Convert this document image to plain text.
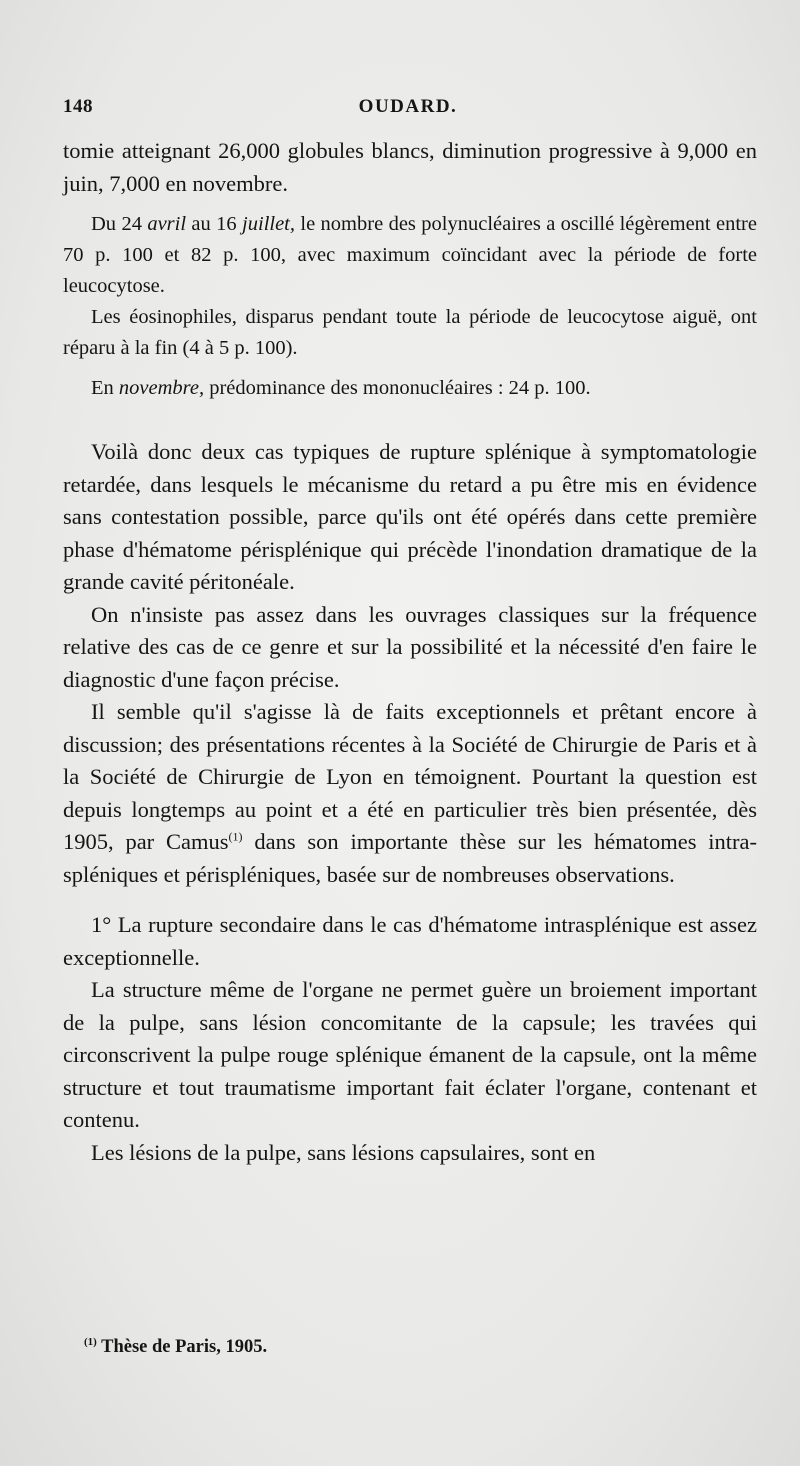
148	OUDARD.

tomie atteignant 26,000 globules blancs, diminution progressive à 9,000 en juin, 7,000 en novembre.

Du 24 avril au 16 juillet, le nombre des polynucléaires a oscillé légèrement entre 70 p. 100 et 82 p. 100, avec maximum coïncidant avec la période de forte leucocytose.

Les éosinophiles, disparus pendant toute la période de leucocytose aiguë, ont réparu à la fin (4 à 5 p. 100).

En novembre, prédominance des mononucléaires : 24 p. 100.

Voilà donc deux cas typiques de rupture splénique à symptomatologie retardée, dans lesquels le mécanisme du retard a pu être mis en évidence sans contestation possible, parce qu'ils ont été opérés dans cette première phase d'hématome périsplénique qui précède l'inondation dramatique de la grande cavité péritonéale.

On n'insiste pas assez dans les ouvrages classiques sur la fréquence relative des cas de ce genre et sur la possibilité et la nécessité d'en faire le diagnostic d'une façon précise.

Il semble qu'il s'agisse là de faits exceptionnels et prêtant encore à discussion; des présentations récentes à la Société de Chirurgie de Paris et à la Société de Chirurgie de Lyon en témoignent. Pourtant la question est depuis longtemps au point et a été en particulier très bien présentée, dès 1905, par Camus$^{(1)}$ dans son importante thèse sur les hématomes intra-spléniques et périspléniques, basée sur de nombreuses observations.

1° La rupture secondaire dans le cas d'hématome intrasplénique est assez exceptionnelle.

La structure même de l'organe ne permet guère un broiement important de la pulpe, sans lésion concomitante de la capsule; les travées qui circonscrivent la pulpe rouge splénique émanent de la capsule, ont la même structure et tout traumatisme important fait éclater l'organe, contenant et contenu.

Les lésions de la pulpe, sans lésions capsulaires, sont en

$^{(1)}$ Thèse de Paris, 1905.
